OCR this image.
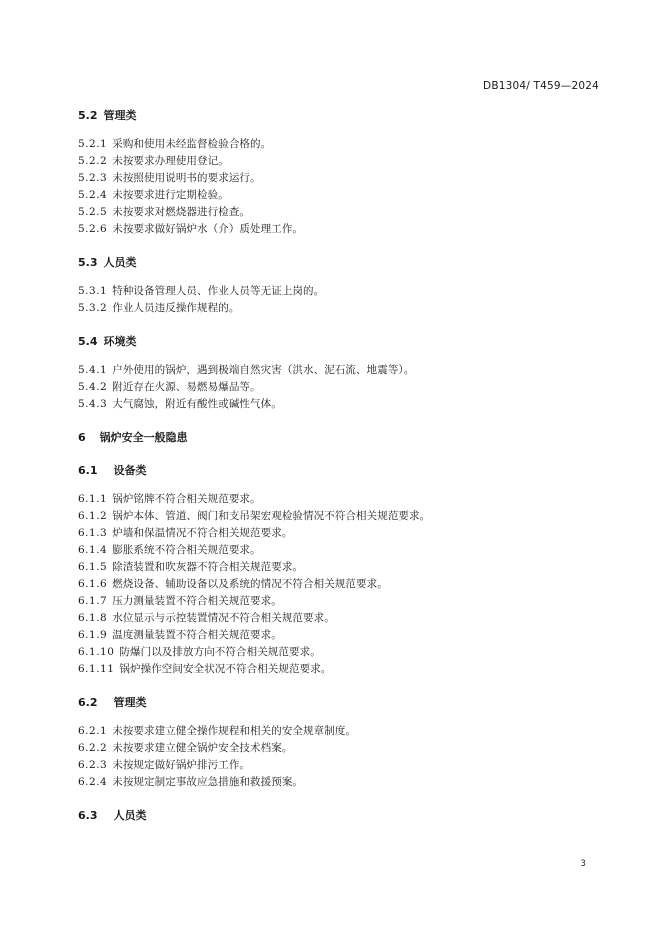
DB1304/ T459—2024
5.2 管理类
5.2.1 采购和使用未经监督检验合格的。
5.2.2 未按要求办理使用登记。
5.2.3 未按照使用说明书的要求运行。
5.2.4 未按要求进行定期检验。
5.2.5 未按要求对燃烧器进行检查。
5.2.6 未按要求做好锅炉水（介）质处理工作。
5.3 人员类
5.3.1 特种设备管理人员、作业人员等无证上岗的。
5.3.2 作业人员违反操作规程的。
5.4 环境类
5.4.1 户外使用的锅炉，遇到极端自然灾害（洪水、泥石流、地震等）。
5.4.2 附近存在火源、易燃易爆品等。
5.4.3 大气腐蚀，附近有酸性或碱性气体。
6 锅炉安全一般隐患
6.1 设备类
6.1.1 锅炉铭牌不符合相关规范要求。
6.1.2 锅炉本体、管道、阀门和支吊架宏观检验情况不符合相关规范要求。
6.1.3 炉墙和保温情况不符合相关规范要求。
6.1.4 膨胀系统不符合相关规范要求。
6.1.5 除渣装置和吹灰器不符合相关规范要求。
6.1.6 燃烧设备、辅助设备以及系统的情况不符合相关规范要求。
6.1.7 压力测量装置不符合相关规范要求。
6.1.8 水位显示与示控装置情况不符合相关规范要求。
6.1.9 温度测量装置不符合相关规范要求。
6.1.10 防爆门以及排放方向不符合相关规范要求。
6.1.11 锅炉操作空间安全状况不符合相关规范要求。
6.2 管理类
6.2.1 未按要求建立健全操作规程和相关的安全规章制度。
6.2.2 未按要求建立健全锅炉安全技术档案。
6.2.3 未按规定做好锅炉排污工作。
6.2.4 未按规定制定事故应急措施和救援预案。
6.3 人员类
3
